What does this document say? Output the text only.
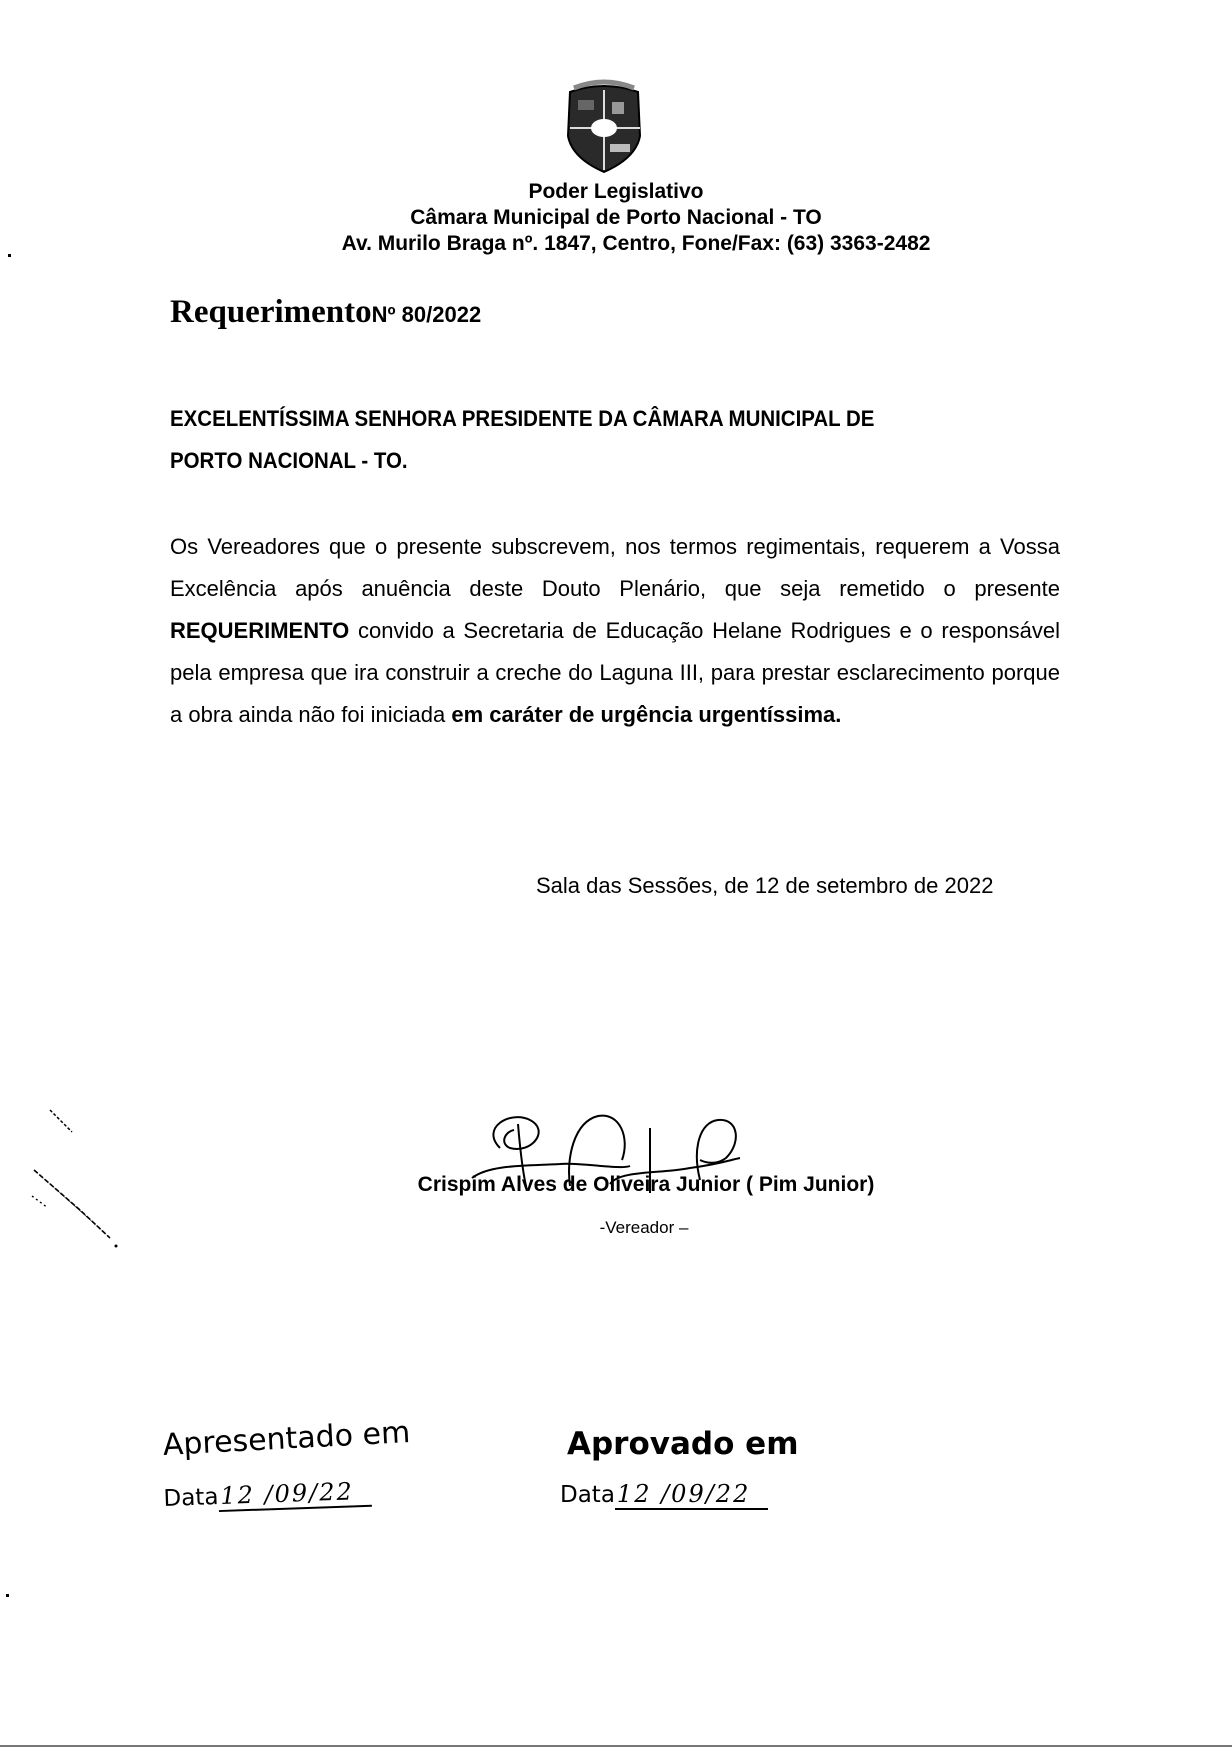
Poder Legislativo
Câmara Municipal de Porto Nacional - TO
Av. Murilo Braga nº. 1847, Centro, Fone/Fax: (63) 3363-2482
RequerimentoNº 80/2022
EXCELENTÍSSIMA SENHORA PRESIDENTE DA CÂMARA MUNICIPAL DE
PORTO NACIONAL - TO.
Os Vereadores que o presente subscrevem, nos termos regimentais, requerem a Vossa Excelência após anuência deste Douto Plenário, que seja remetido o presente REQUERIMENTO convido a Secretaria de Educação Helane Rodrigues e o responsável pela empresa que ira construir a creche do Laguna III, para prestar esclarecimento porque a obra ainda não foi iniciada em caráter de urgência urgentíssima.
Sala das Sessões, de 12 de setembro de 2022
Crispim Alves de Oliveira Junior ( Pim Junior)
-Vereador –
Apresentado em
Data12 /09/22
Aprovado em
Data12 /09/22
